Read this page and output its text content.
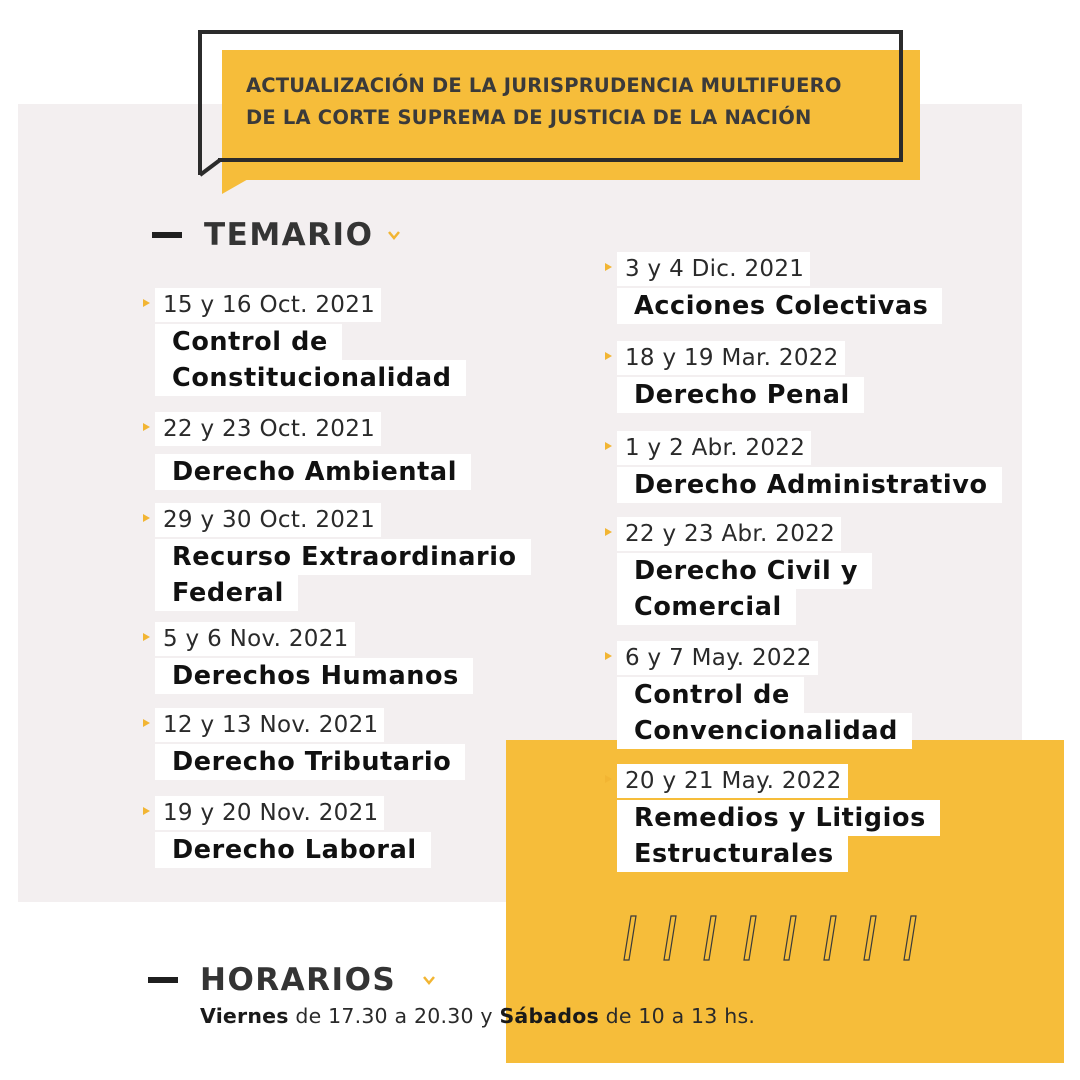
ACTUALIZACIÓN DE LA JURISPRUDENCIA MULTIFUERO
DE LA CORTE SUPREMA DE JUSTICIA DE LA NACIÓN
TEMARIO
15 y 16 Oct. 2021
Control de
Constitucionalidad
22 y 23 Oct. 2021
Derecho Ambiental
29 y 30 Oct. 2021
Recurso Extraordinario
Federal
5 y 6 Nov. 2021
Derechos Humanos
12 y 13 Nov. 2021
Derecho Tributario
19 y 20 Nov. 2021
Derecho Laboral
3 y 4 Dic. 2021
Acciones Colectivas
18 y 19 Mar. 2022
Derecho Penal
1 y 2 Abr. 2022
Derecho Administrativo
22 y 23 Abr. 2022
Derecho Civil y
Comercial
6 y 7 May. 2022
Control de
Convencionalidad
20 y 21 May. 2022
Remedios y Litigios
Estructurales
HORARIOS
Viernes de 17.30 a 20.30 y Sábados de 10 a 13 hs.
